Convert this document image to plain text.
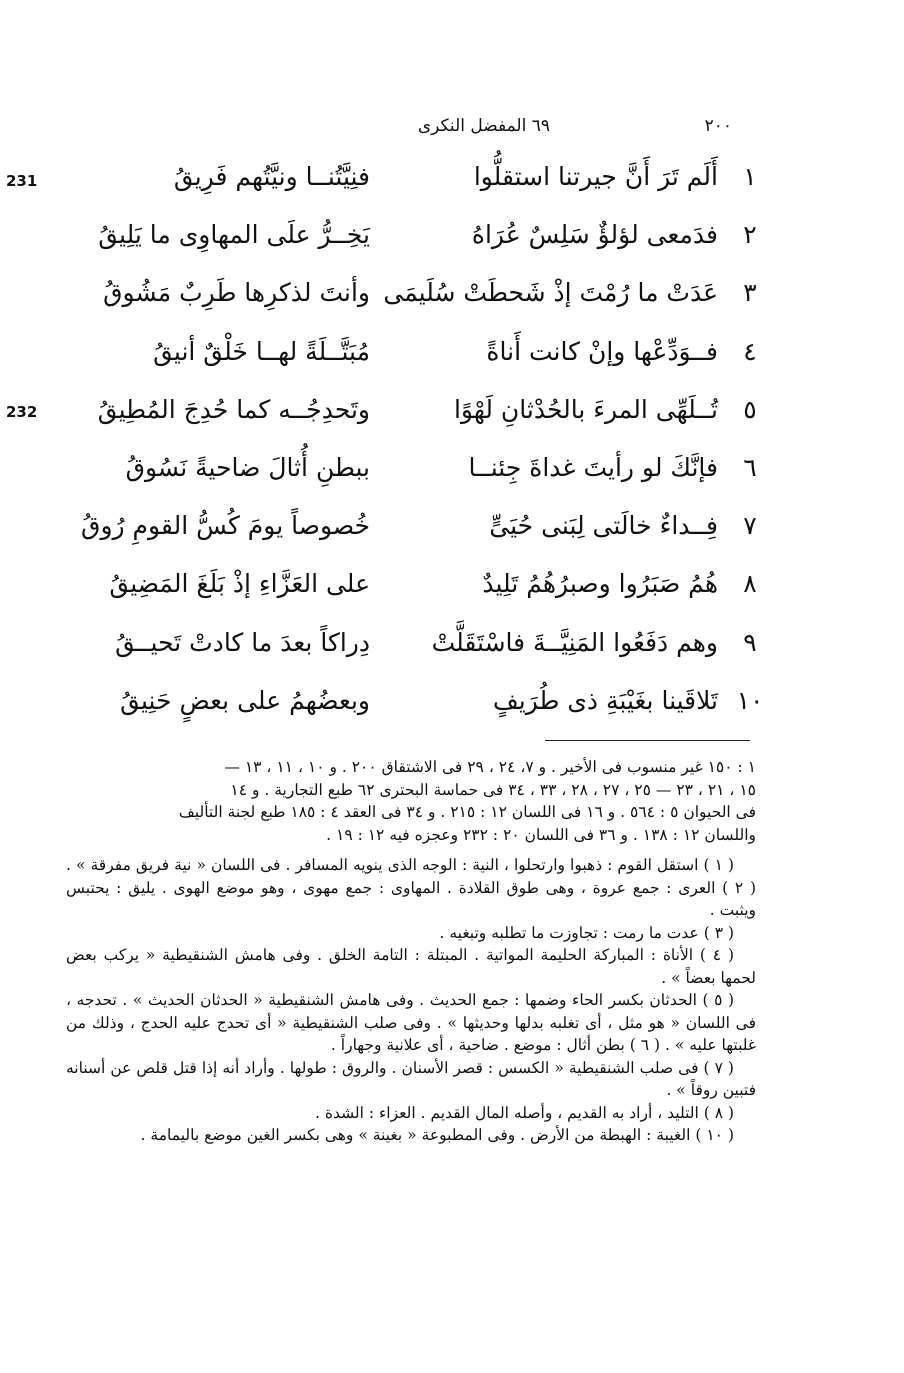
٢٠٠
٦٩ المفضل النكرى
231
232
١
أَلَم تَرَ أَنَّ جيرتنا استقلُّوا
فنِيَّتُنــا ونيَّتُهم فَرِيقُ
٢
فدَمعى لؤلؤٌ سَلِسٌ عُرَاهُ
يَخِــرُّ علَى المهاوِى ما يَلِيقُ
٣
عَدَتْ ما رُمْتَ إذْ شَحطَتْ سُلَيمَى
وأنتَ لذكرِها طَرِبٌ مَشُوقُ
٤
فــوَدِّعْها وإنْ كانت أَناةً
مُبَتَّــلَةً لهــا خَلْقٌ أنيقُ
٥
تُــلَهِّى المرءَ بالحُدْثانِ لَهْوًا
وتَحدِجُــه كما حُدِجَ المُطِيقُ
٦
فإنَّكَ لو رأيتَ غداةَ جِئنــا
ببطنِ أُثالَ ضاحيةً نَسُوقُ
٧
فِــداءٌ خالَتى لِبَنى حُيَىٍّ
خُصوصاً يومَ كُسُّ القومِ رُوقُ
٨
هُمُ صَبَرُوا وصبرُهُمُ تَلِيدٌ
على العَزَّاءِ إذْ بَلَغَ المَضِيقُ
٩
وهم دَفَعُوا المَنِيَّــةَ فاسْتَقَلَّتْ
دِراكاً بعدَ ما كادتْ تَحيــقُ
١٠
تَلاقَينا بغَيْبَةِ ذى طُرَيفٍ
وبعضُهمُ على بعضٍ حَنِيقُ

١ : ١٥٠ غير منسوب فى الأخير . و ٧، ٢٤ ، ٢٩ فى الاشتقاق ٢٠٠ . و ١٠ ، ١١ ، ١٣ —

١٥ ، ٢١ ، ٢٣ — ٢٥ ، ٢٧ ، ٢٨ ، ٣٣ ، ٣٤ فى حماسة البحترى ٦٢ طبع التجارية . و ١٤

فى الحيوان ٥ : ٥٦٤ . و ١٦ فى اللسان ١٢ : ٢١٥ . و ٣٤ فى العقد ٤ : ١٨٥ طبع لجنة التأليف

واللسان ١٢ : ١٣٨ . و ٣٦ فى اللسان ٢٠ : ٢٣٢ وعجزه فيه ١٢ : ١٩ .

( ١ ) استقل القوم : ذهبوا وارتحلوا ، النية : الوجه الذى ينويه المسافر . فى اللسان « نية فريق مفرقة » . ( ٢ ) العرى : جمع عروة ، وهى طوق القلادة . المهاوى : جمع مهوى ، وهو موضع الهوى . يليق : يحتبس ويثبت .

( ٣ ) عدت ما رمت : تجاوزت ما تطلبه وتبغيه .

( ٤ ) الأناة : المباركة الحليمة المواتية . المبتلة : التامة الخلق . وفى هامش الشنقيطية « يركب بعض لحمها بعضاً » .

( ٥ ) الحدثان بكسر الحاء وضمها : جمع الحديث . وفى هامش الشنقيطية « الحدثان الحديث » . تحدجه ، فى اللسان « هو مثل ، أى تغلبه بدلها وحديثها » . وفى صلب الشنقيطية « أى تحدج عليه الحدج ، وذلك من غلبتها عليه » . ( ٦ ) بطن أثال : موضع . ضاحية ، أى علانية وجهاراً .

( ٧ ) فى صلب الشنقيطية « الكسس : قصر الأسنان . والروق : طولها . وأراد أنه إذا قتل قلص عن أسنانه فتبين روقاً » .

( ٨ ) التليد ، أراد به القديم ، وأصله المال القديم . العزاء : الشدة .

( ١٠ ) الغيبة : الهبطة من الأرض . وفى المطبوعة « بغينة » وهى بكسر الغين موضع باليمامة .
